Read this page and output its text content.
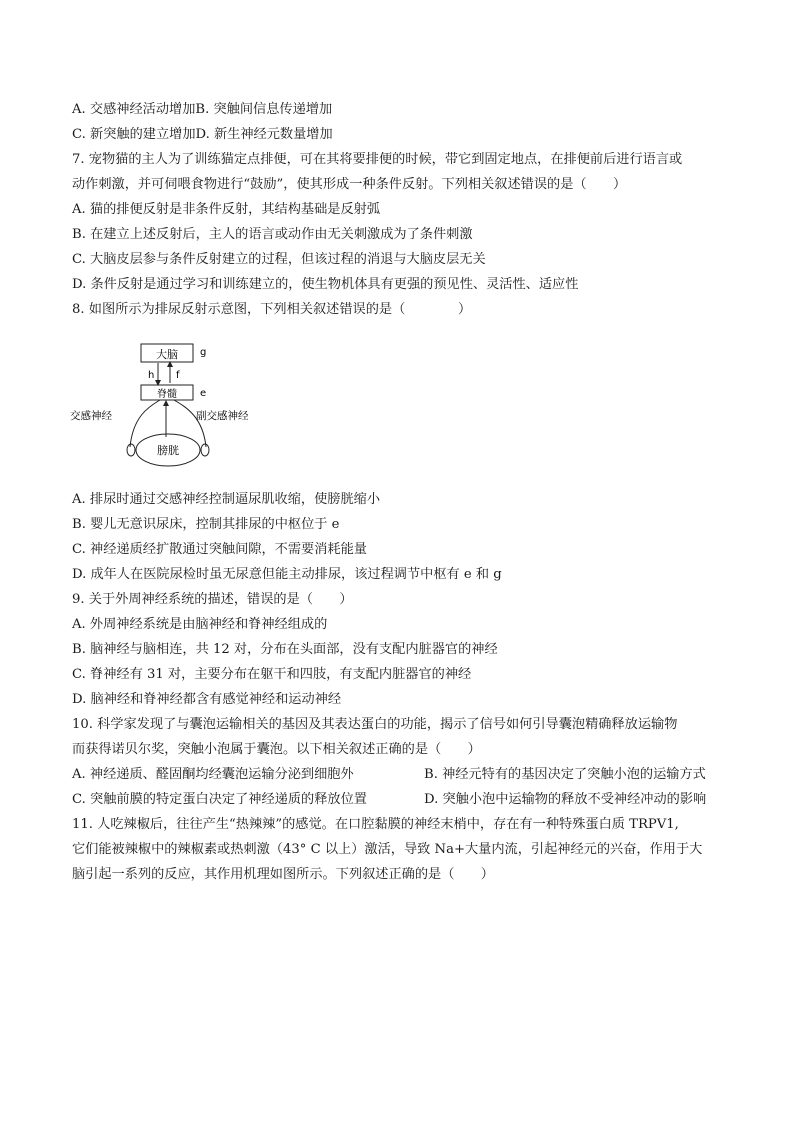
A. 交感神经活动增加B. 突触间信息传递增加
C. 新突触的建立增加D. 新生神经元数量增加
7. 宠物猫的主人为了训练猫定点排便，可在其将要排便的时候，带它到固定地点，在排便前后进行语言或
动作刺激，并可伺喂食物进行“鼓励”，使其形成一种条件反射。下列相关叙述错误的是（　　）
A. 猫的排便反射是非条件反射，其结构基础是反射弧
B. 在建立上述反射后，主人的语言或动作由无关刺激成为了条件刺激
C. 大脑皮层参与条件反射建立的过程，但该过程的消退与大脑皮层无关
D. 条件反射是通过学习和训练建立的，使生物机体具有更强的预见性、灵活性、适应性
8. 如图所示为排尿反射示意图，下列相关叙述错误的是（　　　　）
大脑 g
h f
脊髓 e
交感神经	副交感神经
膀胱
A. 排尿时通过交感神经控制逼尿肌收缩，使膀胱缩小
B. 婴儿无意识尿床，控制其排尿的中枢位于 e
C. 神经递质经扩散通过突触间隙，不需要消耗能量
D. 成年人在医院尿检时虽无尿意但能主动排尿，该过程调节中枢有 e 和 g
9. 关于外周神经系统的描述，错误的是（　　）
A. 外周神经系统是由脑神经和脊神经组成的
B. 脑神经与脑相连，共 12 对，分布在头面部，没有支配内脏器官的神经
C. 脊神经有 31 对，主要分布在躯干和四肢，有支配内脏器官的神经
D. 脑神经和脊神经都含有感觉神经和运动神经
10. 科学家发现了与囊泡运输相关的基因及其表达蛋白的功能，揭示了信号如何引导囊泡精确释放运输物
而获得诺贝尔奖，突触小泡属于囊泡。以下相关叙述正确的是（　　）
A. 神经递质、醛固酮均经囊泡运输分泌到细胞外	B. 神经元特有的基因决定了突触小泡的运输方式
C. 突触前膜的特定蛋白决定了神经递质的释放位置	D. 突触小泡中运输物的释放不受神经冲动的影响
11. 人吃辣椒后，往往产生“热辣辣”的感觉。在口腔黏膜的神经末梢中，存在有一种特殊蛋白质 TRPV1,
它们能被辣椒中的辣椒素或热刺激（43° C 以上）激活，导致 Na+大量内流，引起神经元的兴奋，作用于大
脑引起一系列的反应，其作用机理如图所示。下列叙述正确的是（　　）
